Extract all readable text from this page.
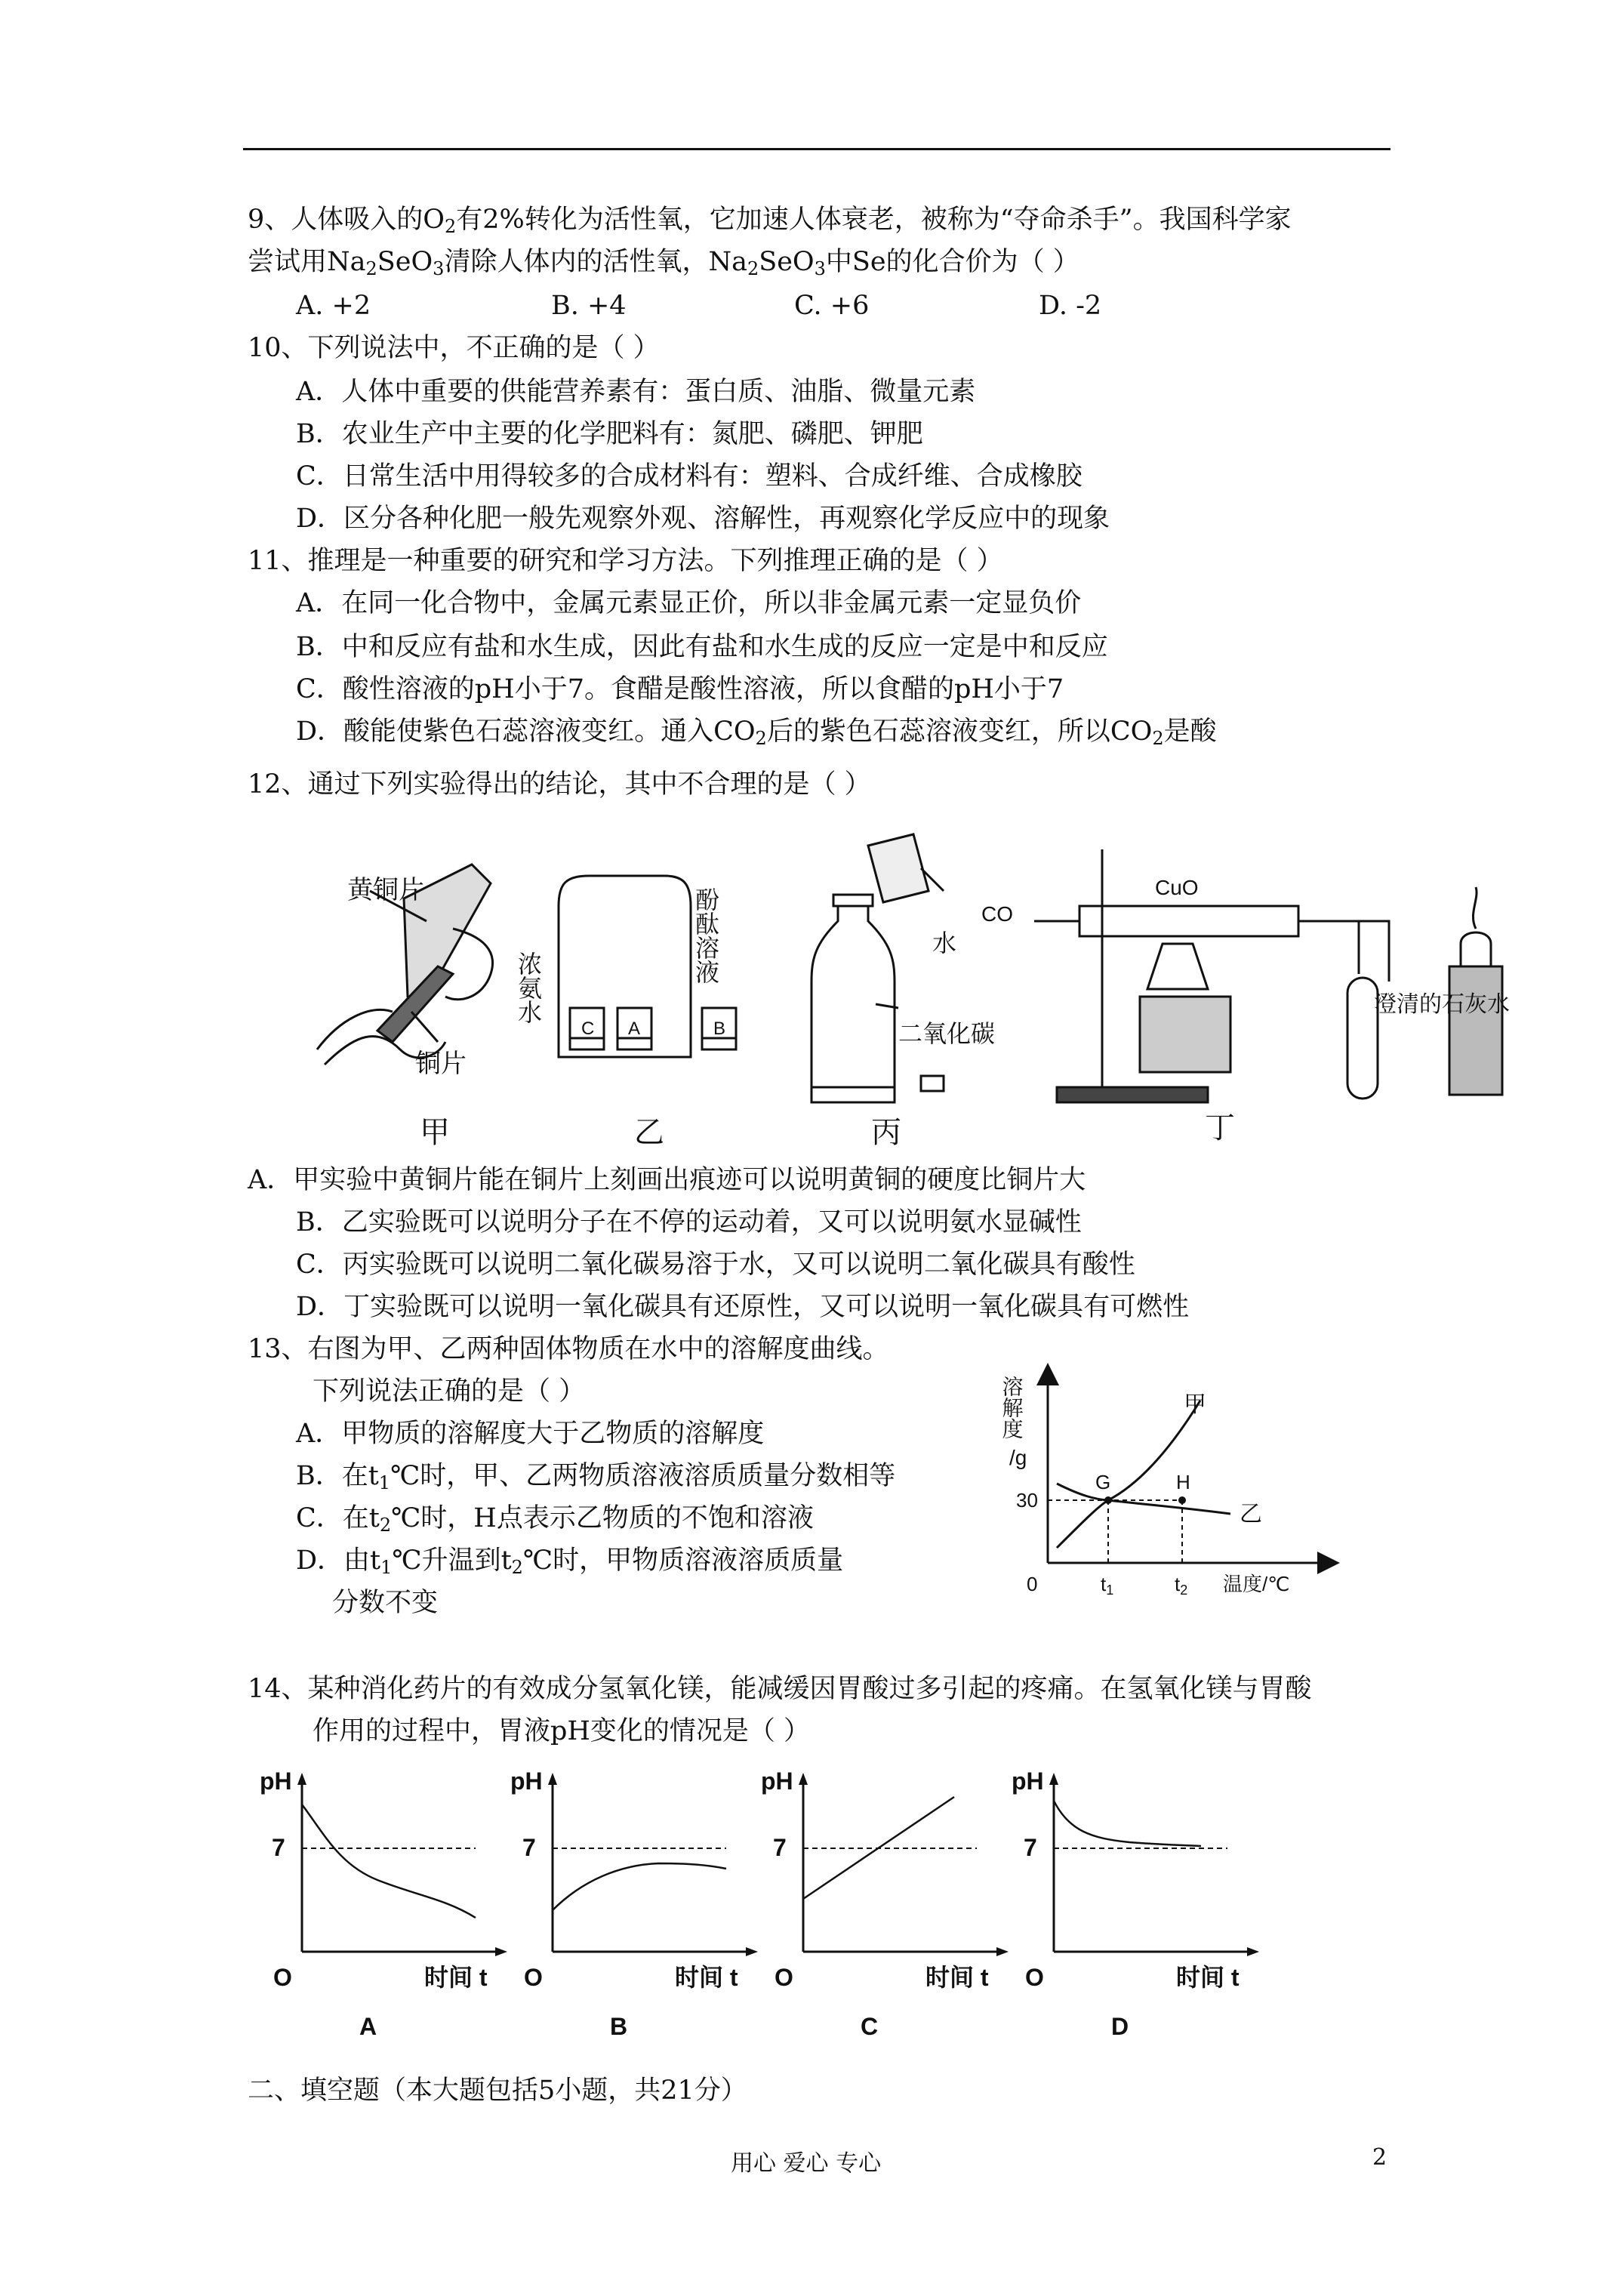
9、人体吸入的$O_2$有2%转化为活性氧，它加速人体衰老，被称为“夺命杀手”。我国科学家
尝试用$Na_2SeO_3$清除人体内的活性氧，$Na_2SeO_3$中Se的化合价为（ ）
A. +2	B. +4	C. +6	D. -2
10、下列说法中，不正确的是（ ）
A．人体中重要的供能营养素有：蛋白质、油脂、微量元素
B．农业生产中主要的化学肥料有：氮肥、磷肥、钾肥
C．日常生活中用得较多的合成材料有：塑料、合成纤维、合成橡胶
D．区分各种化肥一般先观察外观、溶解性，再观察化学反应中的现象
11、推理是一种重要的研究和学习方法。下列推理正确的是（ ）
A．在同一化合物中，金属元素显正价，所以非金属元素一定显负价
B．中和反应有盐和水生成，因此有盐和水生成的反应一定是中和反应
C．酸性溶液的pH小于7。食醋是酸性溶液，所以食醋的pH小于7
D．酸能使紫色石蕊溶液变红。通入$CO_2$后的紫色石蕊溶液变红，所以$CO_2$是酸
12、通过下列实验得出的结论，其中不合理的是（ ）
黄铜片
铜片
C A	B
浓氨水
酚酞溶液	水
二氧化碳
CO
CuO
澄清的石灰水
甲	乙	丙	丁
A．甲实验中黄铜片能在铜片上刻画出痕迹可以说明黄铜的硬度比铜片大
B．乙实验既可以说明分子在不停的运动着，又可以说明氨水显碱性
C．丙实验既可以说明二氧化碳易溶于水，又可以说明二氧化碳具有酸性
D．丁实验既可以说明一氧化碳具有还原性，又可以说明一氧化碳具有可燃性
13、右图为甲、乙两种固体物质在水中的溶解度曲线。
下列说法正确的是（ ）
A．甲物质的溶解度大于乙物质的溶解度
B．在$t_1℃$时，甲、乙两物质溶液溶质质量分数相等
C．在$t_2℃$时，H点表示乙物质的不饱和溶液
D．由$t_1℃$升温到$t_2℃$时，甲物质溶液溶质质量
分数不变
G	H
甲
乙
30
0	t1	t2 温度/℃
溶解度
/g
14、某种消化药片的有效成分氢氧化镁，能减缓因胃酸过多引起的疼痛。在氢氧化镁与胃酸
作用的过程中，胃液pH变化的情况是（ ）
pH
7
O	时间 t
A
pH
7
O	时间 t
B
pH
7
O	时间 t
C
pH
7
O	时间 t
D
二、填空题（本大题包括5小题，共21分）
用心 爱心 专心	2
